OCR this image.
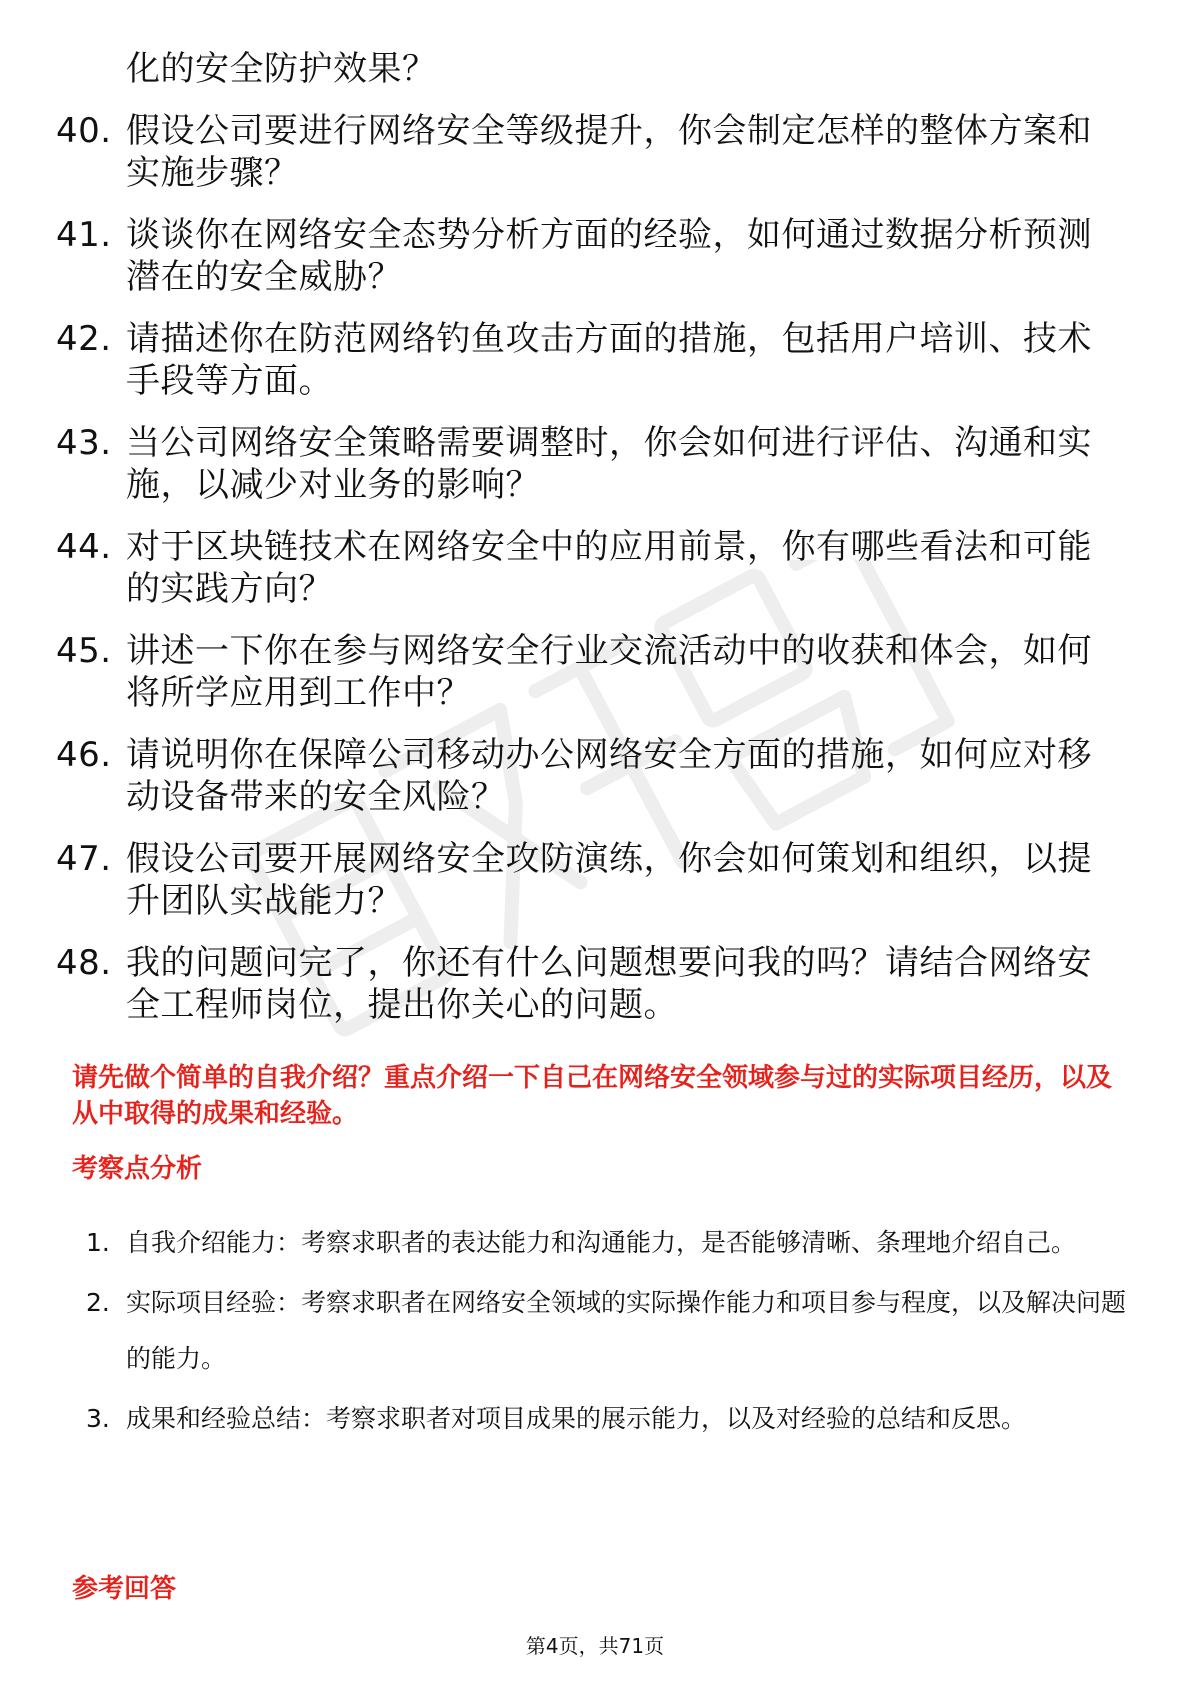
化的安全防护效果？
40. 假设公司要进行网络安全等级提升，你会制定怎样的整体方案和实施步骤？
41. 谈谈你在网络安全态势分析方面的经验，如何通过数据分析预测潜在的安全威胁？
42. 请描述你在防范网络钓鱼攻击方面的措施，包括用户培训、技术手段等方面。
43. 当公司网络安全策略需要调整时，你会如何进行评估、沟通和实施，以减少对业务的影响？
44. 对于区块链技术在网络安全中的应用前景，你有哪些看法和可能的实践方向？
45. 讲述一下你在参与网络安全行业交流活动中的收获和体会，如何将所学应用到工作中？
46. 请说明你在保障公司移动办公网络安全方面的措施，如何应对移动设备带来的安全风险？
47. 假设公司要开展网络安全攻防演练，你会如何策划和组织，以提升团队实战能力？
48. 我的问题问完了，你还有什么问题想要问我的吗？请结合网络安全工程师岗位，提出你关心的问题。

请先做个简单的自我介绍？重点介绍一下自己在网络安全领域参与过的实际项目经历，以及从中取得的成果和经验。

考察点分析
1. 自我介绍能力：考察求职者的表达能力和沟通能力，是否能够清晰、条理地介绍自己。
2. 实际项目经验：考察求职者在网络安全领域的实际操作能力和项目参与程度，以及解决问题的能力。
3. 成果和经验总结：考察求职者对项目成果的展示能力，以及对经验的总结和反思。
参考回答
第4页，共71页
